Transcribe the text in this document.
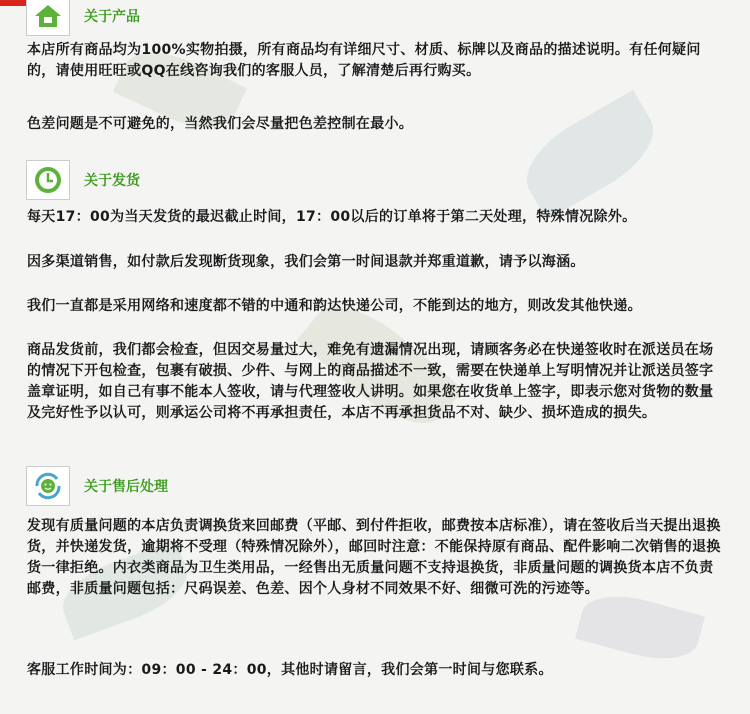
关于产品
本店所有商品均为100%实物拍摄，所有商品均有详细尺寸、材质、标牌以及商品的描述说明。有任何疑问的，请使用旺旺或QQ在线咨询我们的客服人员，了解清楚后再行购买。
色差问题是不可避免的，当然我们会尽量把色差控制在最小。
关于发货
每天17：00为当天发货的最迟截止时间，17：00以后的订单将于第二天处理，特殊情况除外。
因多渠道销售，如付款后发现断货现象，我们会第一时间退款并郑重道歉，请予以海涵。
我们一直都是采用网络和速度都不错的中通和韵达快递公司，不能到达的地方，则改发其他快递。
商品发货前，我们都会检查，但因交易量过大，难免有遗漏情况出现，请顾客务必在快递签收时在派送员在场的情况下开包检查，包裹有破损、少件、与网上的商品描述不一致，需要在快递单上写明情况并让派送员签字盖章证明，如自己有事不能本人签收，请与代理签收人讲明。如果您在收货单上签字，即表示您对货物的数量及完好性予以认可，则承运公司将不再承担责任，本店不再承担货品不对、缺少、损坏造成的损失。
关于售后处理
发现有质量问题的本店负责调换货来回邮费（平邮、到付件拒收，邮费按本店标准），请在签收后当天提出退换货，并快递发货，逾期将不受理（特殊情况除外），邮回时注意：不能保持原有商品、配件影响二次销售的退换货一律拒绝。内衣类商品为卫生类用品，一经售出无质量问题不支持退换货，非质量问题的调换货本店不负责邮费，非质量问题包括：尺码误差、色差、因个人身材不同效果不好、细微可洗的污迹等。
客服工作时间为：09：00 - 24：00，其他时请留言，我们会第一时间与您联系。
